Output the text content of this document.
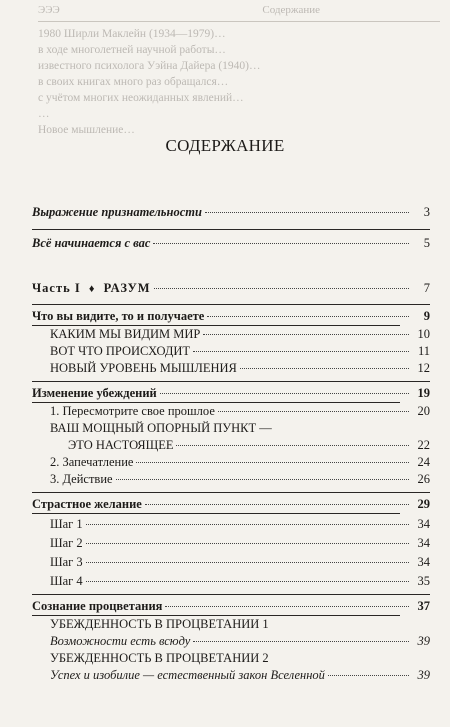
ЭЭЭ	Содержание
1980 Ширли Маклейн (1934—1979)…
в ходе многолетней научной работы…
известного психолога Уэйна Дайера (1940)…
в своих книгах много раз обращался…
с учётом многих неожиданных явлений…
…
Новое мышление…
СОДЕРЖАНИЕ
Выражение признательности	3
Всё начинается с вас	5
Часть I ♦ РАЗУМ	7
Что вы видите, то и получаете	9
КАКИМ МЫ ВИДИМ МИР	10
ВОТ ЧТО ПРОИСХОДИТ	11
НОВЫЙ УРОВЕНЬ МЫШЛЕНИЯ	12
Изменение убеждений	19
1. Пересмотрите свое прошлое	20
ВАШ МОЩНЫЙ ОПОРНЫЙ ПУНКТ —
ЭТО НАСТОЯЩЕЕ	22
2. Запечатление	24
3. Действие	26
Страстное желание	29
Шаг 1	34
Шаг 2	34
Шаг 3	34
Шаг 4	35
Сознание процветания	37
УБЕЖДЕННОСТЬ В ПРОЦВЕТАНИИ 1
Возможности есть всюду	39
УБЕЖДЕННОСТЬ В ПРОЦВЕТАНИИ 2
Успех и изобилие — естественный закон Вселенной	39
